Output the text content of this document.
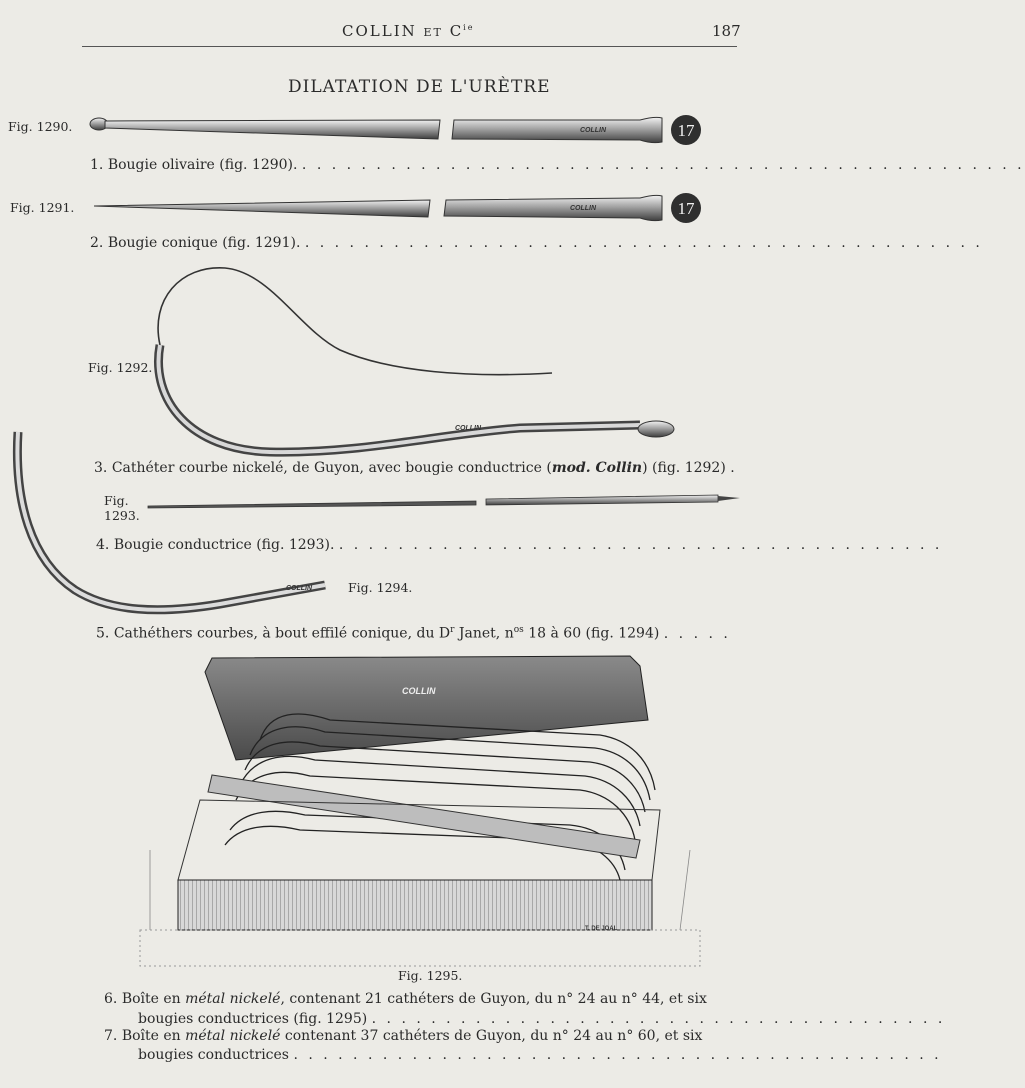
COLLIN ET $C^{ie}$	187
DILATATION DE L'URÈTRE
COLLIN	17
COLLIN	17
COLLIN
COLLIN
COLLIN
T. DE JOAL
Fig. 1290.
Fig. 1291.
Fig. 1292.
Fig.
1293.
Fig. 1294.
Fig. 1295.
1. Bougie olivaire (fig. 1290). . . . . . . . . . . . . . . . . . . . . . . . . . . . . . . . . . . . . . . . . . . . . . . . . .
2. Bougie conique (fig. 1291). . . . . . . . . . . . . . . . . . . . . . . . . . . . . . . . . . . . . . . . . . . . . . .
3. Cathéter courbe nickelé, de Guyon, avec bougie conductrice (mod. Collin) (fig. 1292) .
4. Bougie conductrice (fig. 1293). . . . . . . . . . . . . . . . . . . . . . . . . . . . . . . . . . . . . . . . . .
5. Cathéthers courbes, à bout effilé conique, du $D^r$ Janet, $n^{os}$ 18 à 60 (fig. 1294) . . . . .
6. Boîte en métal nickelé, contenant 21 cathéters de Guyon, du n° 24 au n° 44, et six
bougies conductrices (fig. 1295) . . . . . . . . . . . . . . . . . . . . . . . . . . . . . . . . . . . . . . .
7. Boîte en métal nickelé contenant 37 cathéters de Guyon, du n° 24 au n° 60, et six
bougies conductrices . . . . . . . . . . . . . . . . . . . . . . . . . . . . . . . . . . . . . . . . . . . .
